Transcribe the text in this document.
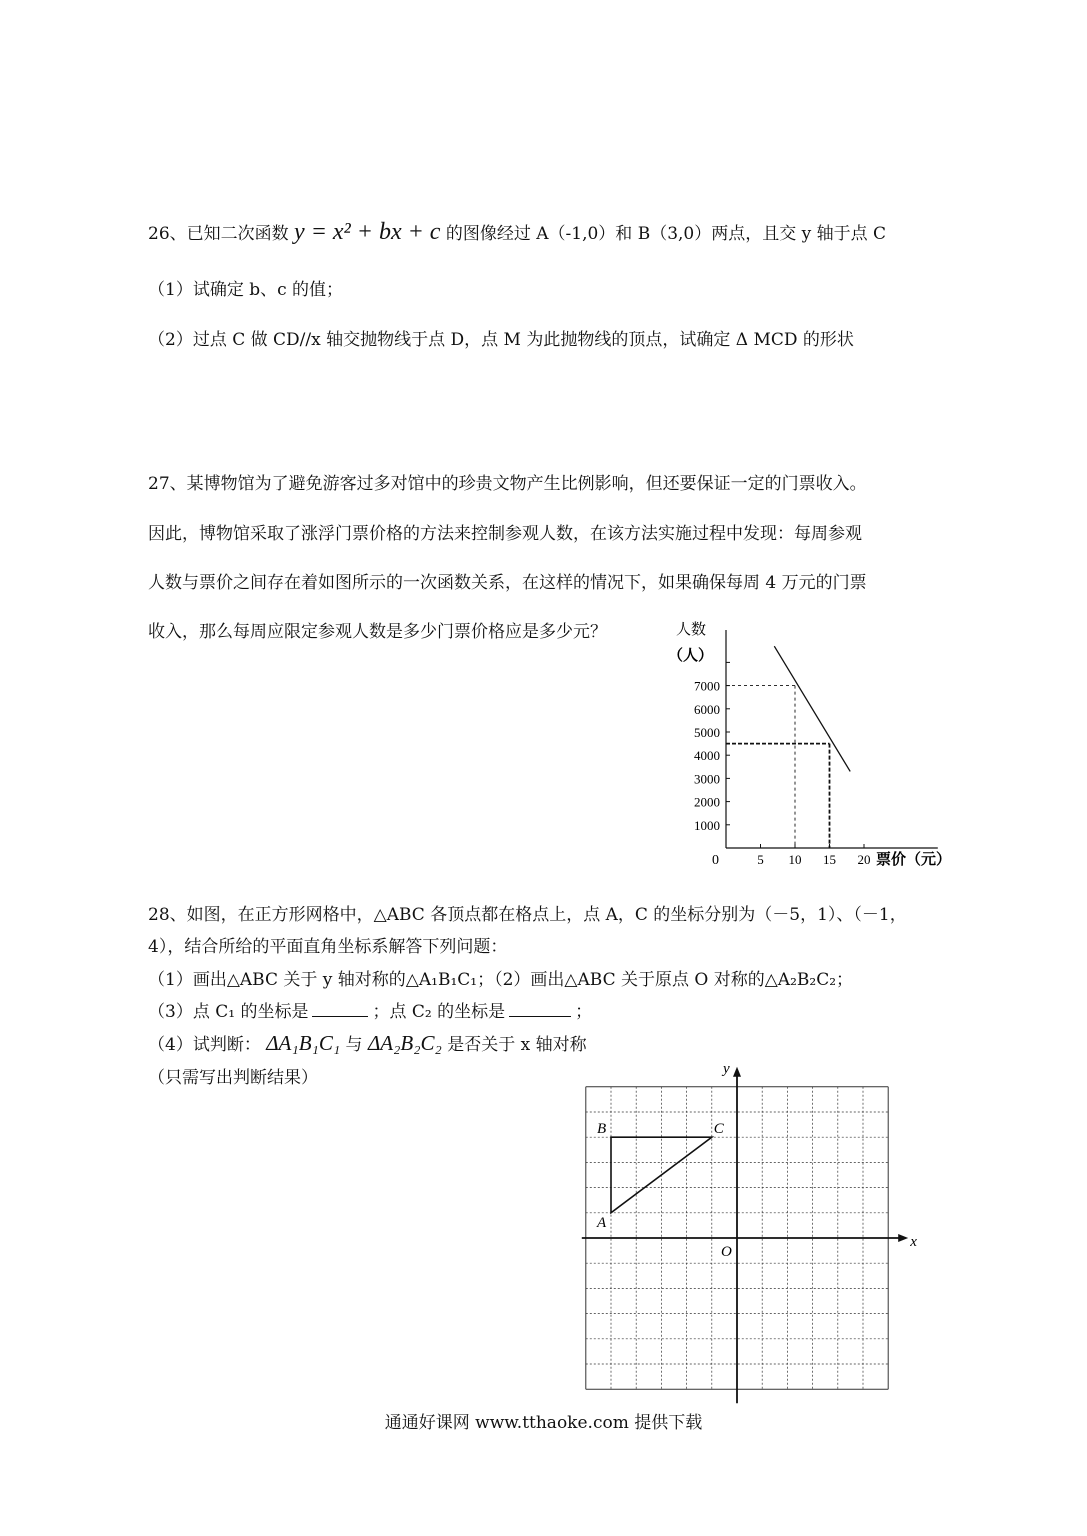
26、已知二次函数 y = x² + bx + c 的图像经过 A（-1,0）和 B（3,0）两点，且交 y 轴于点 C
（1）试确定 b、c 的值；
（2）过点 C 做 CD//x 轴交抛物线于点 D，点 M 为此抛物线的顶点，试确定 Δ MCD 的形状
27、某博物馆为了避免游客过多对馆中的珍贵文物产生比例影响，但还要保证一定的门票收入。
因此，博物馆采取了涨浮门票价格的方法来控制参观人数，在该方法实施过程中发现：每周参观
人数与票价之间存在着如图所示的一次函数关系，在这样的情况下，如果确保每周 4 万元的门票
收入，那么每周应限定参观人数是多少门票价格应是多少元？	人数
（人）
1000
2000
3000
4000
5000
6000
7000
5 10 15 20
0	票价（元）
28、如图，在正方形网格中，△ABC 各顶点都在格点上，点 A，C 的坐标分别为（－5，1）、（－1，
4），结合所给的平面直角坐标系解答下列问题：
（1）画出△ABC 关于 y 轴对称的△A₁B₁C₁；（2）画出△ABC 关于原点 O 对称的△A₂B₂C₂；
（3）点 C₁ 的坐标是	；点 C₂ 的坐标是	；
（4）试判断： ΔA₁B₁C₁ 与 ΔA₂B₂C₂ 是否关于 x 轴对称
（只需写出判断结果）
A
B	C
O
x
y
通通好课网 www.tthaoke.com 提供下载
